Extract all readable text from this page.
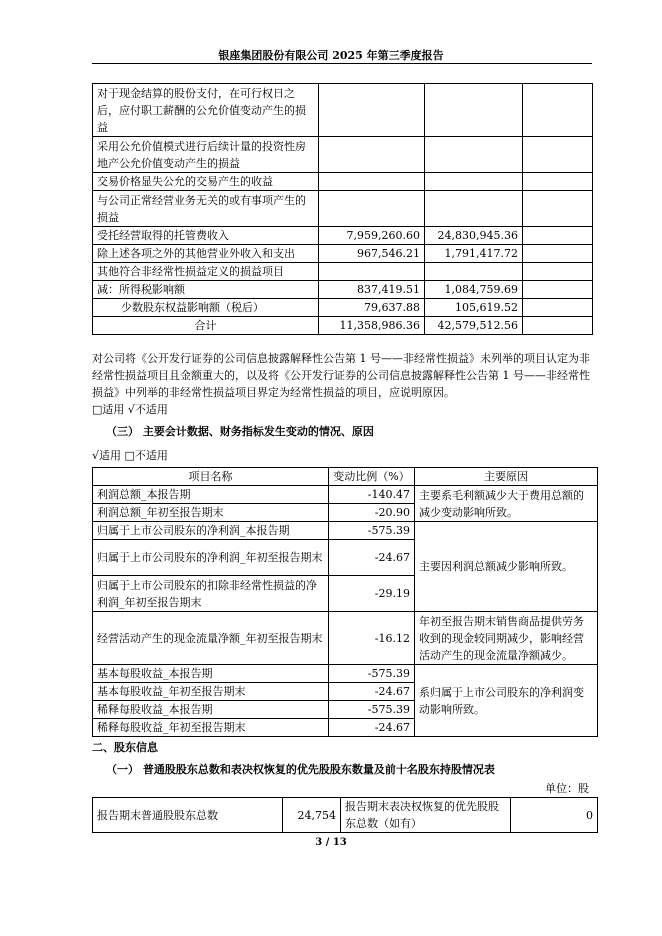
银座集团股份有限公司 2025 年第三季度报告
对于现金结算的股份支付，在可行权日之后，应付职工薪酬的公允价值变动产生的损益			
采用公允价值模式进行后续计量的投资性房地产公允价值变动产生的损益			
交易价格显失公允的交易产生的收益			
与公司正常经营业务无关的或有事项产生的损益			
受托经营取得的托管费收入	7,959,260.60	24,830,945.36	
除上述各项之外的其他营业外收入和支出	967,546.21	1,791,417.72	
其他符合非经常性损益定义的损益项目			
减：所得税影响额	837,419.51	1,084,759.69	
少数股东权益影响额（税后）	79,637.88	105,619.52	
合计	11,358,986.36	42,579,512.56	
对公司将《公开发行证券的公司信息披露解释性公告第 1 号——非经常性损益》未列举的项目认定为非经常性损益项目且金额重大的，以及将《公开发行证券的公司信息披露解释性公告第 1 号——非经常性损益》中列举的非经常性损益项目界定为经常性损益的项目，应说明原因。
□适用 √不适用
（三） 主要会计数据、财务指标发生变动的情况、原因
√适用 □不适用
项目名称	变动比例（%）	主要原因
利润总额_本报告期	-140.47	主要系毛利额减少大于费用总额的减少变动影响所致。
利润总额_年初至报告期末	-20.90	
归属于上市公司股东的净利润_本报告期	-575.39	主要因利润总额减少影响所致。
归属于上市公司股东的净利润_年初至报告期末	-24.67	
归属于上市公司股东的扣除非经常性损益的净利润_年初至报告期末	-29.19	
经营活动产生的现金流量净额_年初至报告期末	-16.12	年初至报告期末销售商品提供劳务收到的现金较同期减少，影响经营活动产生的现金流量净额减少。
基本每股收益_本报告期	-575.39	系归属于上市公司股东的净利润变动影响所致。
基本每股收益_年初至报告期末	-24.67	
稀释每股收益_本报告期	-575.39	
稀释每股收益_年初至报告期末	-24.67	
二、股东信息
（一） 普通股股东总数和表决权恢复的优先股股东数量及前十名股东持股情况表
单位：股
报告期末普通股股东总数	24,754	报告期末表决权恢复的优先股股东总数（如有）	0
3 / 13
